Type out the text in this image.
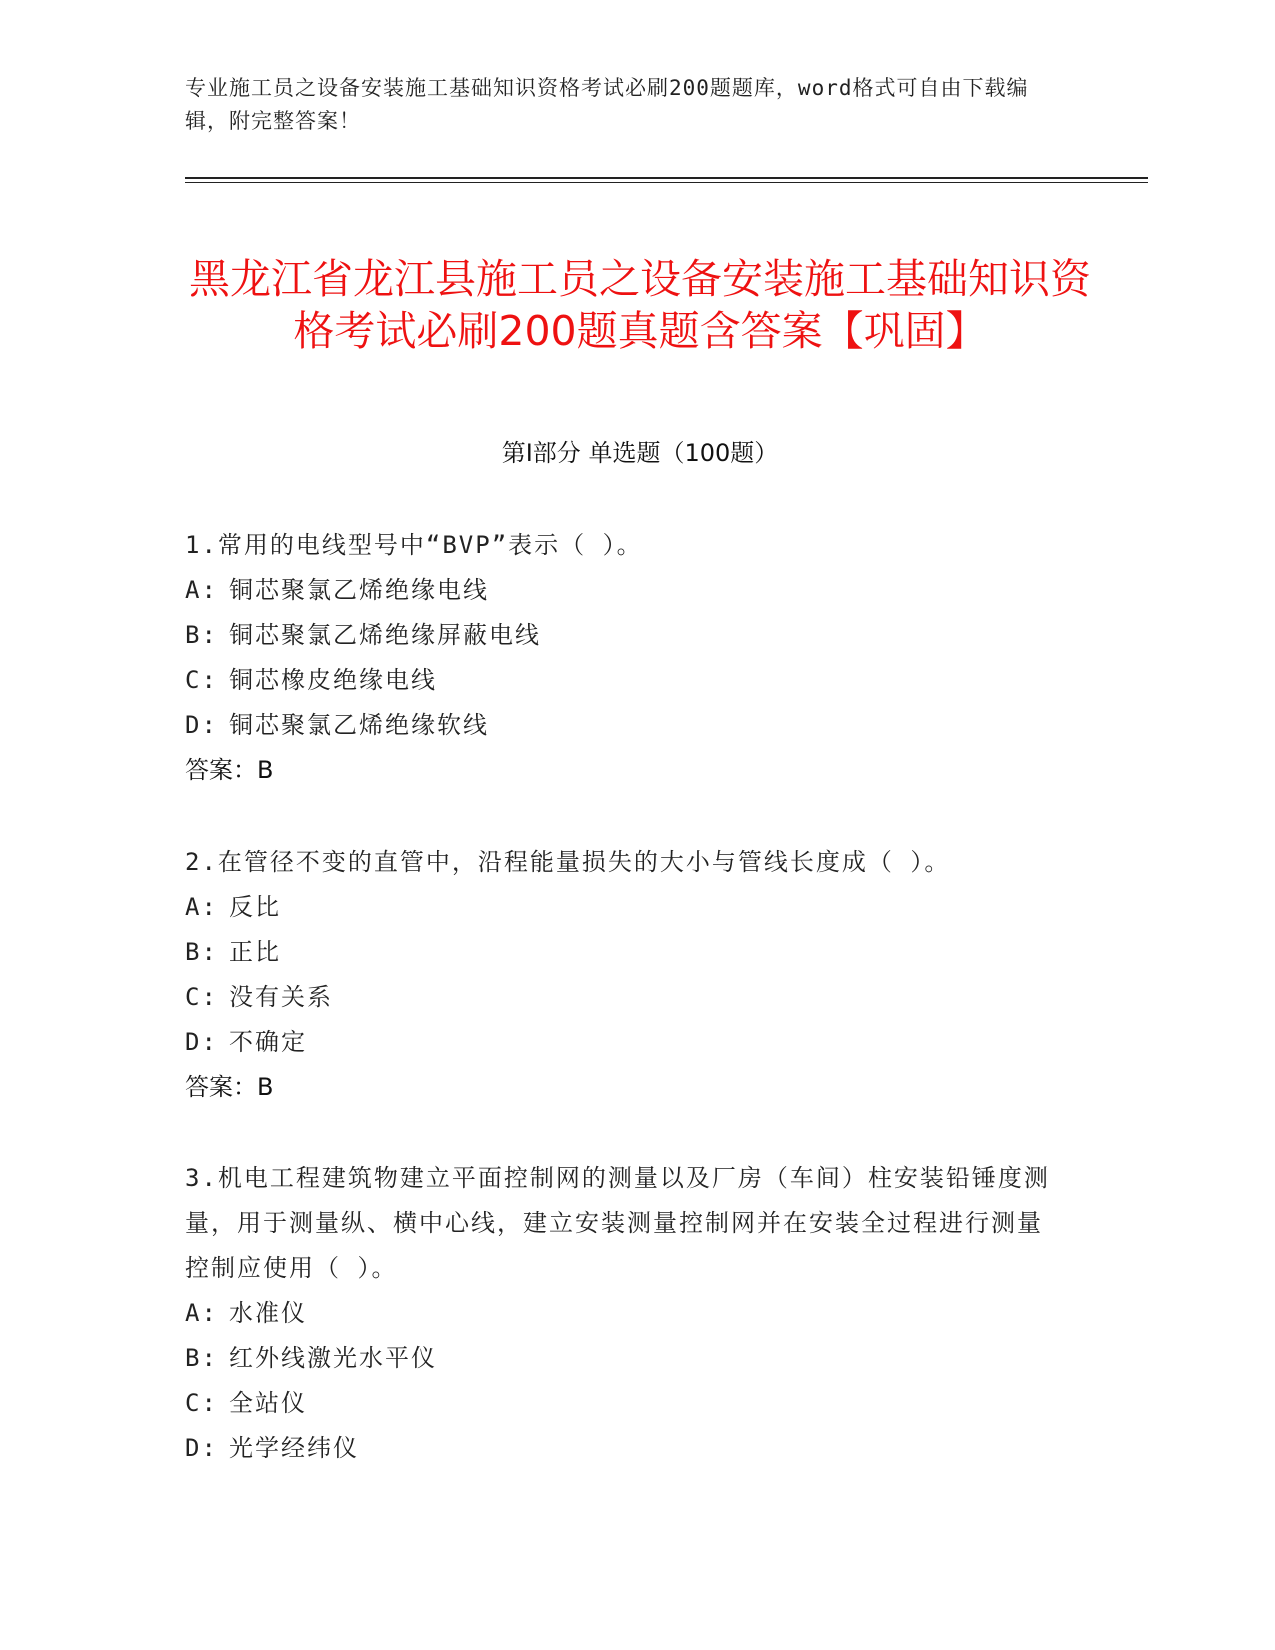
专业施工员之设备安装施工基础知识资格考试必刷200题题库，word格式可自由下载编辑，附完整答案！
黑龙江省龙江县施工员之设备安装施工基础知识资格考试必刷200题真题含答案【巩固】
第Ⅰ部分 单选题（100题）
1.常用的电线型号中“BVP”表示（ ）。
A: 铜芯聚氯乙烯绝缘电线
B: 铜芯聚氯乙烯绝缘屏蔽电线
C: 铜芯橡皮绝缘电线
D: 铜芯聚氯乙烯绝缘软线
答案：B
2.在管径不变的直管中，沿程能量损失的大小与管线长度成（ ）。
A: 反比
B: 正比
C: 没有关系
D: 不确定
答案：B
3.机电工程建筑物建立平面控制网的测量以及厂房（车间）柱安装铅锤度测量，用于测量纵、横中心线，建立安装测量控制网并在安装全过程进行测量控制应使用（ ）。
A: 水准仪
B: 红外线激光水平仪
C: 全站仪
D: 光学经纬仪
